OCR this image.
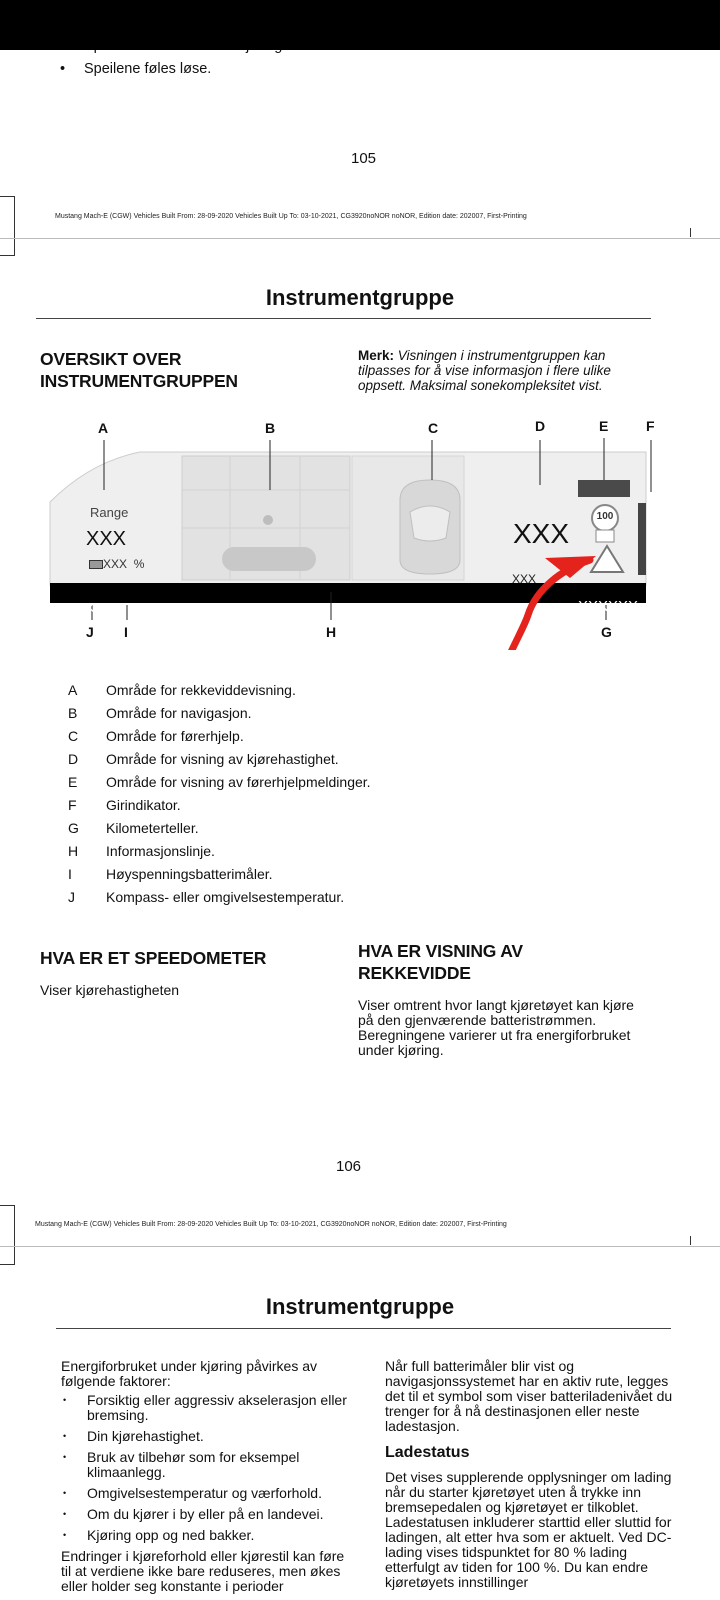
• Speilene føles løse.
105
Mustang Mach-E (CGW) Vehicles Built From: 28-09-2020 Vehicles Built Up To: 03-10-2021, CG3920noNOR noNOR, Edition date: 202007, First-Printing
Instrumentgruppe
OVERSIKT OVER INSTRUMENTGRUPPEN
Merk: Visningen i instrumentgruppen kan tilpasses for å vise informasjon i flere ulike oppsett. Maksimal sonekompleksitet vist.
A	B	C	D	E	F
J I	H	G
Range
XXX
XXX %
XXX
XXX
100
XXX	XXXXXX
A Område for rekkeviddevisning.
B Område for navigasjon.
C Område for førerhjelp.
D Område for visning av kjørehastighet.
E Område for visning av førerhjelpmeldinger.
F Girindikator.
G Kilometerteller.
H Informasjonslinje.
I Høyspenningsbatterimåler.
J Kompass- eller omgivelsestemperatur.
HVA ER ET SPEEDOMETER
Viser kjørehastigheten
HVA ER VISNING AV REKKEVIDDE
Viser omtrent hvor langt kjøretøyet kan kjøre på den gjenværende batteristrømmen. Beregningene varierer ut fra energiforbruket under kjøring.
106
Mustang Mach-E (CGW) Vehicles Built From: 28-09-2020 Vehicles Built Up To: 03-10-2021, CG3920noNOR noNOR, Edition date: 202007, First-Printing
Instrumentgruppe
Energiforbruket under kjøring påvirkes av følgende faktorer:
• Forsiktig eller aggressiv akselerasjon eller bremsing.
• Din kjørehastighet.
• Bruk av tilbehør som for eksempel klimaanlegg.
• Omgivelsestemperatur og værforhold.
• Om du kjører i by eller på en landevei.
• Kjøring opp og ned bakker.
Endringer i kjøreforhold eller kjørestil kan føre til at verdiene ikke bare reduseres, men økes eller holder seg konstante i perioder
Når full batterimåler blir vist og navigasjonssystemet har en aktiv rute, legges det til et symbol som viser batteriladenivået du trenger for å nå destinasjonen eller neste ladestasjon.
Ladestatus
Det vises supplerende opplysninger om lading når du starter kjøretøyet uten å trykke inn bremsepedalen og kjøretøyet er tilkoblet. Ladestatusen inkluderer starttid eller sluttid for ladingen, alt etter hva som er aktuelt. Ved DC-lading vises tidspunktet for 80 % lading etterfulgt av tiden for 100 %. Du kan endre kjøretøyets innstillinger
